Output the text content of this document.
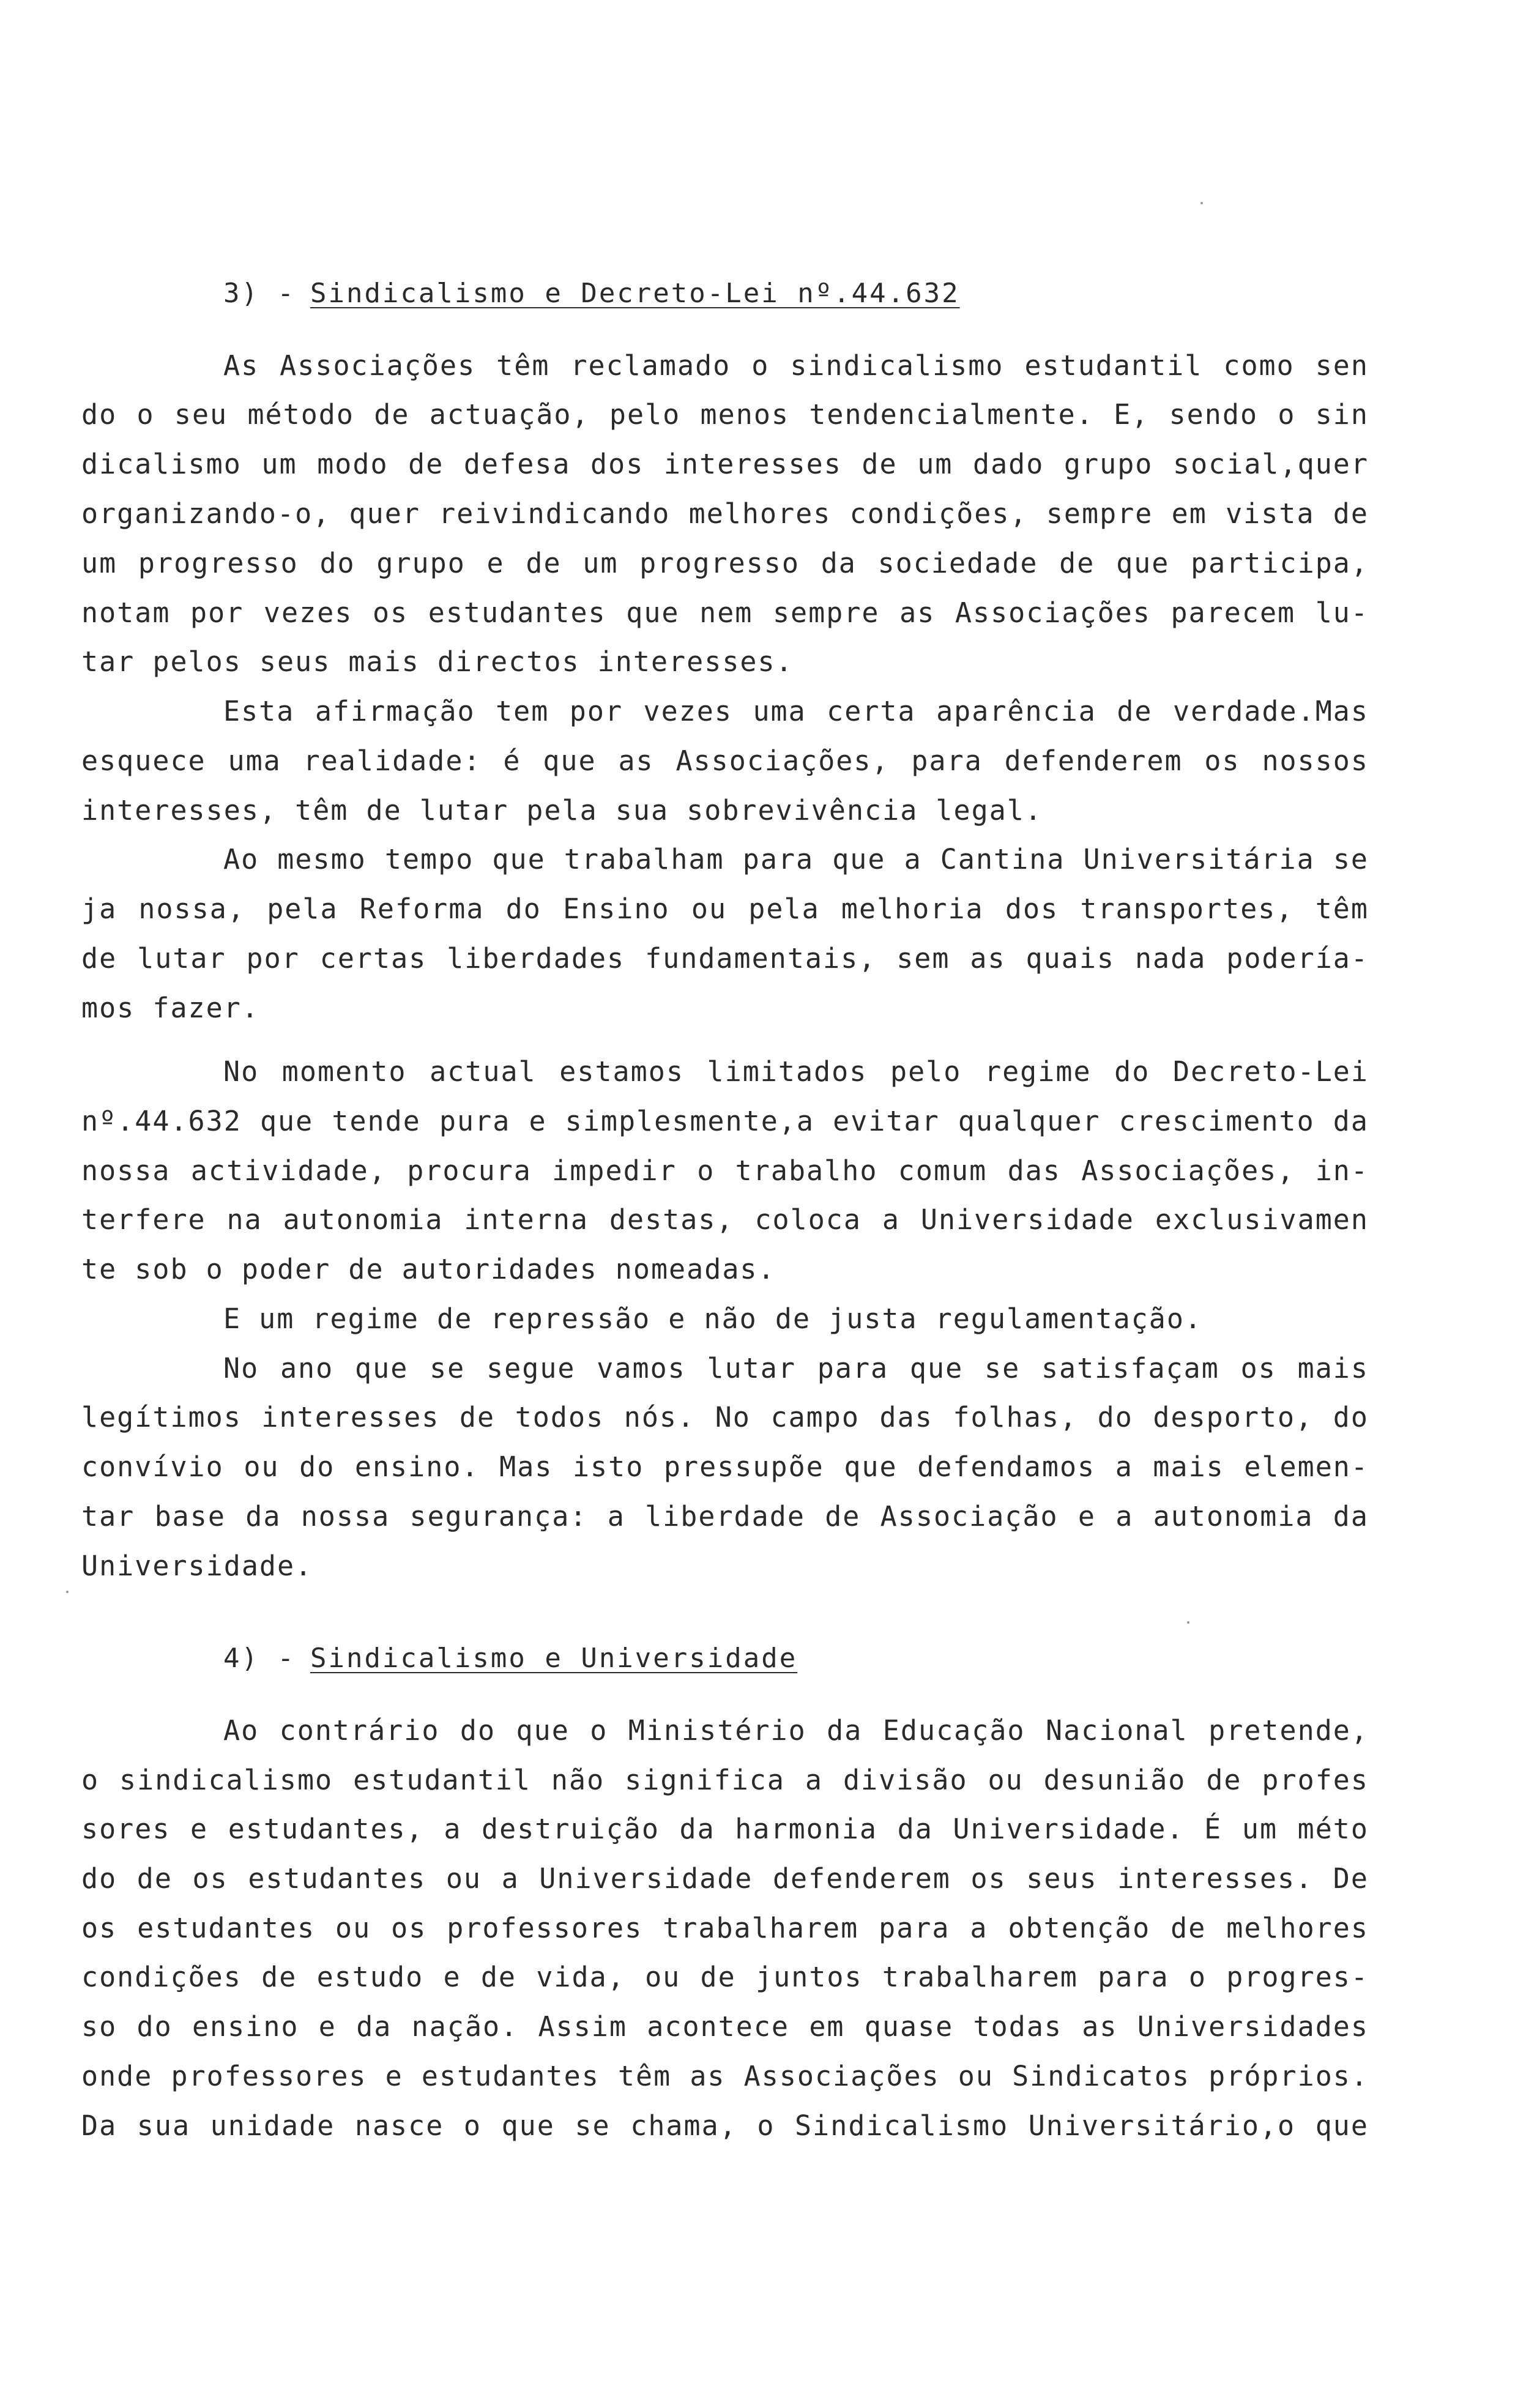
3) - Sindicalismo e Decreto-Lei nº.44.632
As Associações têm reclamado o sindicalismo estudantil como sen
do o seu método de actuação, pelo menos tendencialmente. E, sendo o sin
dicalismo um modo de defesa dos interesses de um dado grupo social,quer
organizando-o, quer reivindicando melhores condições, sempre em vista de
um progresso do grupo e de um progresso da sociedade de que participa,
notam por vezes os estudantes que nem sempre as Associações parecem lu-
tar pelos seus mais directos interesses.
Esta afirmação tem por vezes uma certa aparência de verdade.Mas
esquece uma realidade: é que as Associações, para defenderem os nossos
interesses, têm de lutar pela sua sobrevivência legal.
Ao mesmo tempo que trabalham para que a Cantina Universitária se
ja nossa, pela Reforma do Ensino ou pela melhoria dos transportes, têm
de lutar por certas liberdades fundamentais, sem as quais nada podería-
mos fazer.
No momento actual estamos limitados pelo regime do Decreto-Lei
nº.44.632 que tende pura e simplesmente,a evitar qualquer crescimento da
nossa actividade, procura impedir o trabalho comum das Associações, in-
terfere na autonomia interna destas, coloca a Universidade exclusivamen
te sob o poder de autoridades nomeadas.
E um regime de repressão e não de justa regulamentação.
No ano que se segue vamos lutar para que se satisfaçam os mais
legítimos interesses de todos nós. No campo das folhas, do desporto, do
convívio ou do ensino. Mas isto pressupõe que defendamos a mais elemen-
tar base da nossa segurança: a liberdade de Associação e a autonomia da
Universidade.
4) - Sindicalismo e Universidade
Ao contrário do que o Ministério da Educação Nacional pretende,
o sindicalismo estudantil não significa a divisão ou desunião de profes
sores e estudantes, a destruição da harmonia da Universidade. É um méto
do de os estudantes ou a Universidade defenderem os seus interesses. De
os estudantes ou os professores trabalharem para a obtenção de melhores
condições de estudo e de vida, ou de juntos trabalharem para o progres-
so do ensino e da nação. Assim acontece em quase todas as Universidades
onde professores e estudantes têm as Associações ou Sindicatos próprios.
Da sua unidade nasce o que se chama, o Sindicalismo Universitário,o que
